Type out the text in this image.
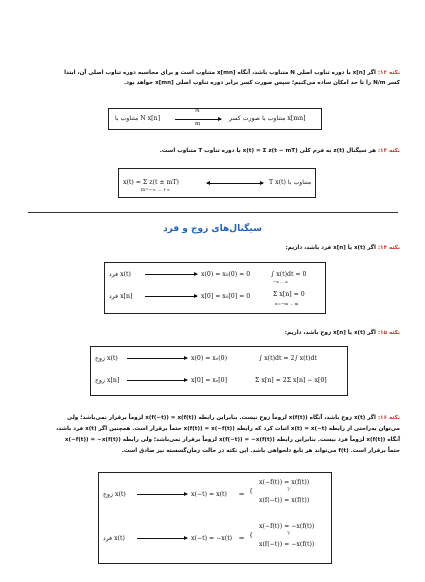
نکته ۱۲: اگر x[n] با دوره تناوب اصلی N متناوب باشد، آنگاه x[mn] متناوب است و برای محاسبه دوره تناوب اصلی آن، ابتدا
کسر N/m را تا حد امکان ساده می‌کنیم؛ سپس صورت کسر برابر دوره تناوب اصلی x[mn] خواهد بود.
متناوب با N x[n]
N
m
x[mn] متناوب با صورت کسر
نکته ۱۳: هر سیگنال z(t) به فرم کلی x(t) = Σ z(t − mT) با دوره تناوب T متناوب است.
x(t) = Σ z(t ± mT)
m=−∞ … +∞
متناوب با T x(t)
سیگنال‌های زوج و فرد
نکته ۱۴: اگر x(t) یا x[n] فرد باشد، داریم:
فرد x(t)	x(0) = x₀(0) = 0	∫ x(t)dt = 0
−a … a
فرد x[n]	x[0] = x₀[0] = 0	Σ x[n] = 0
n=−m … m
نکته ۱۵: اگر x(t) یا x[n] زوج باشد، داریم:
زوج x(t)	x(0) = xₑ(0)	∫ x(t)dt = 2∫ x(t)dt
زوج x[n]	x[0] = xₑ[0]	Σ x[n] = 2Σ x[n] − x[0]
نکته ۱۶: اگر x(t) زوج باشد، آنگاه x(f(t)) لزوماً زوج نیست. بنابراین رابطه x(f(−t)) = x(f(t)) لزوماً برقرار نمی‌باشد؛ ولی
می‌توان به‌راحتی از رابطه x(t) = x(−t) اثبات کرد که رابطه x(f(t)) = x(−f(t)) حتماً برقرار است. همچنین اگر x(t) فرد باشد،
آنگاه x(f(t)) لزوماً فرد نیست. بنابراین رابطه x(f(−t)) = −x(f(t)) لزوماً برقرار نمی‌باشد؛ ولی رابطه x(−f(t)) = −x(f(t))
حتماً برقرار است. f(t) می‌تواند هر تابع دلخواهی باشد. این نکته در حالت زمان‌گسسته نیز صادق است.
زوج x(t)	x(−t) = x(t) ⇒ {
x(−f(t)) = x(f(t))
?
x(f(−t)) = x(f(t))
فرد x(t)	x(−t) = −x(t) ⇒ {
x(−f(t)) = −x(f(t))
?
x(f(−t)) = −x(f(t))
